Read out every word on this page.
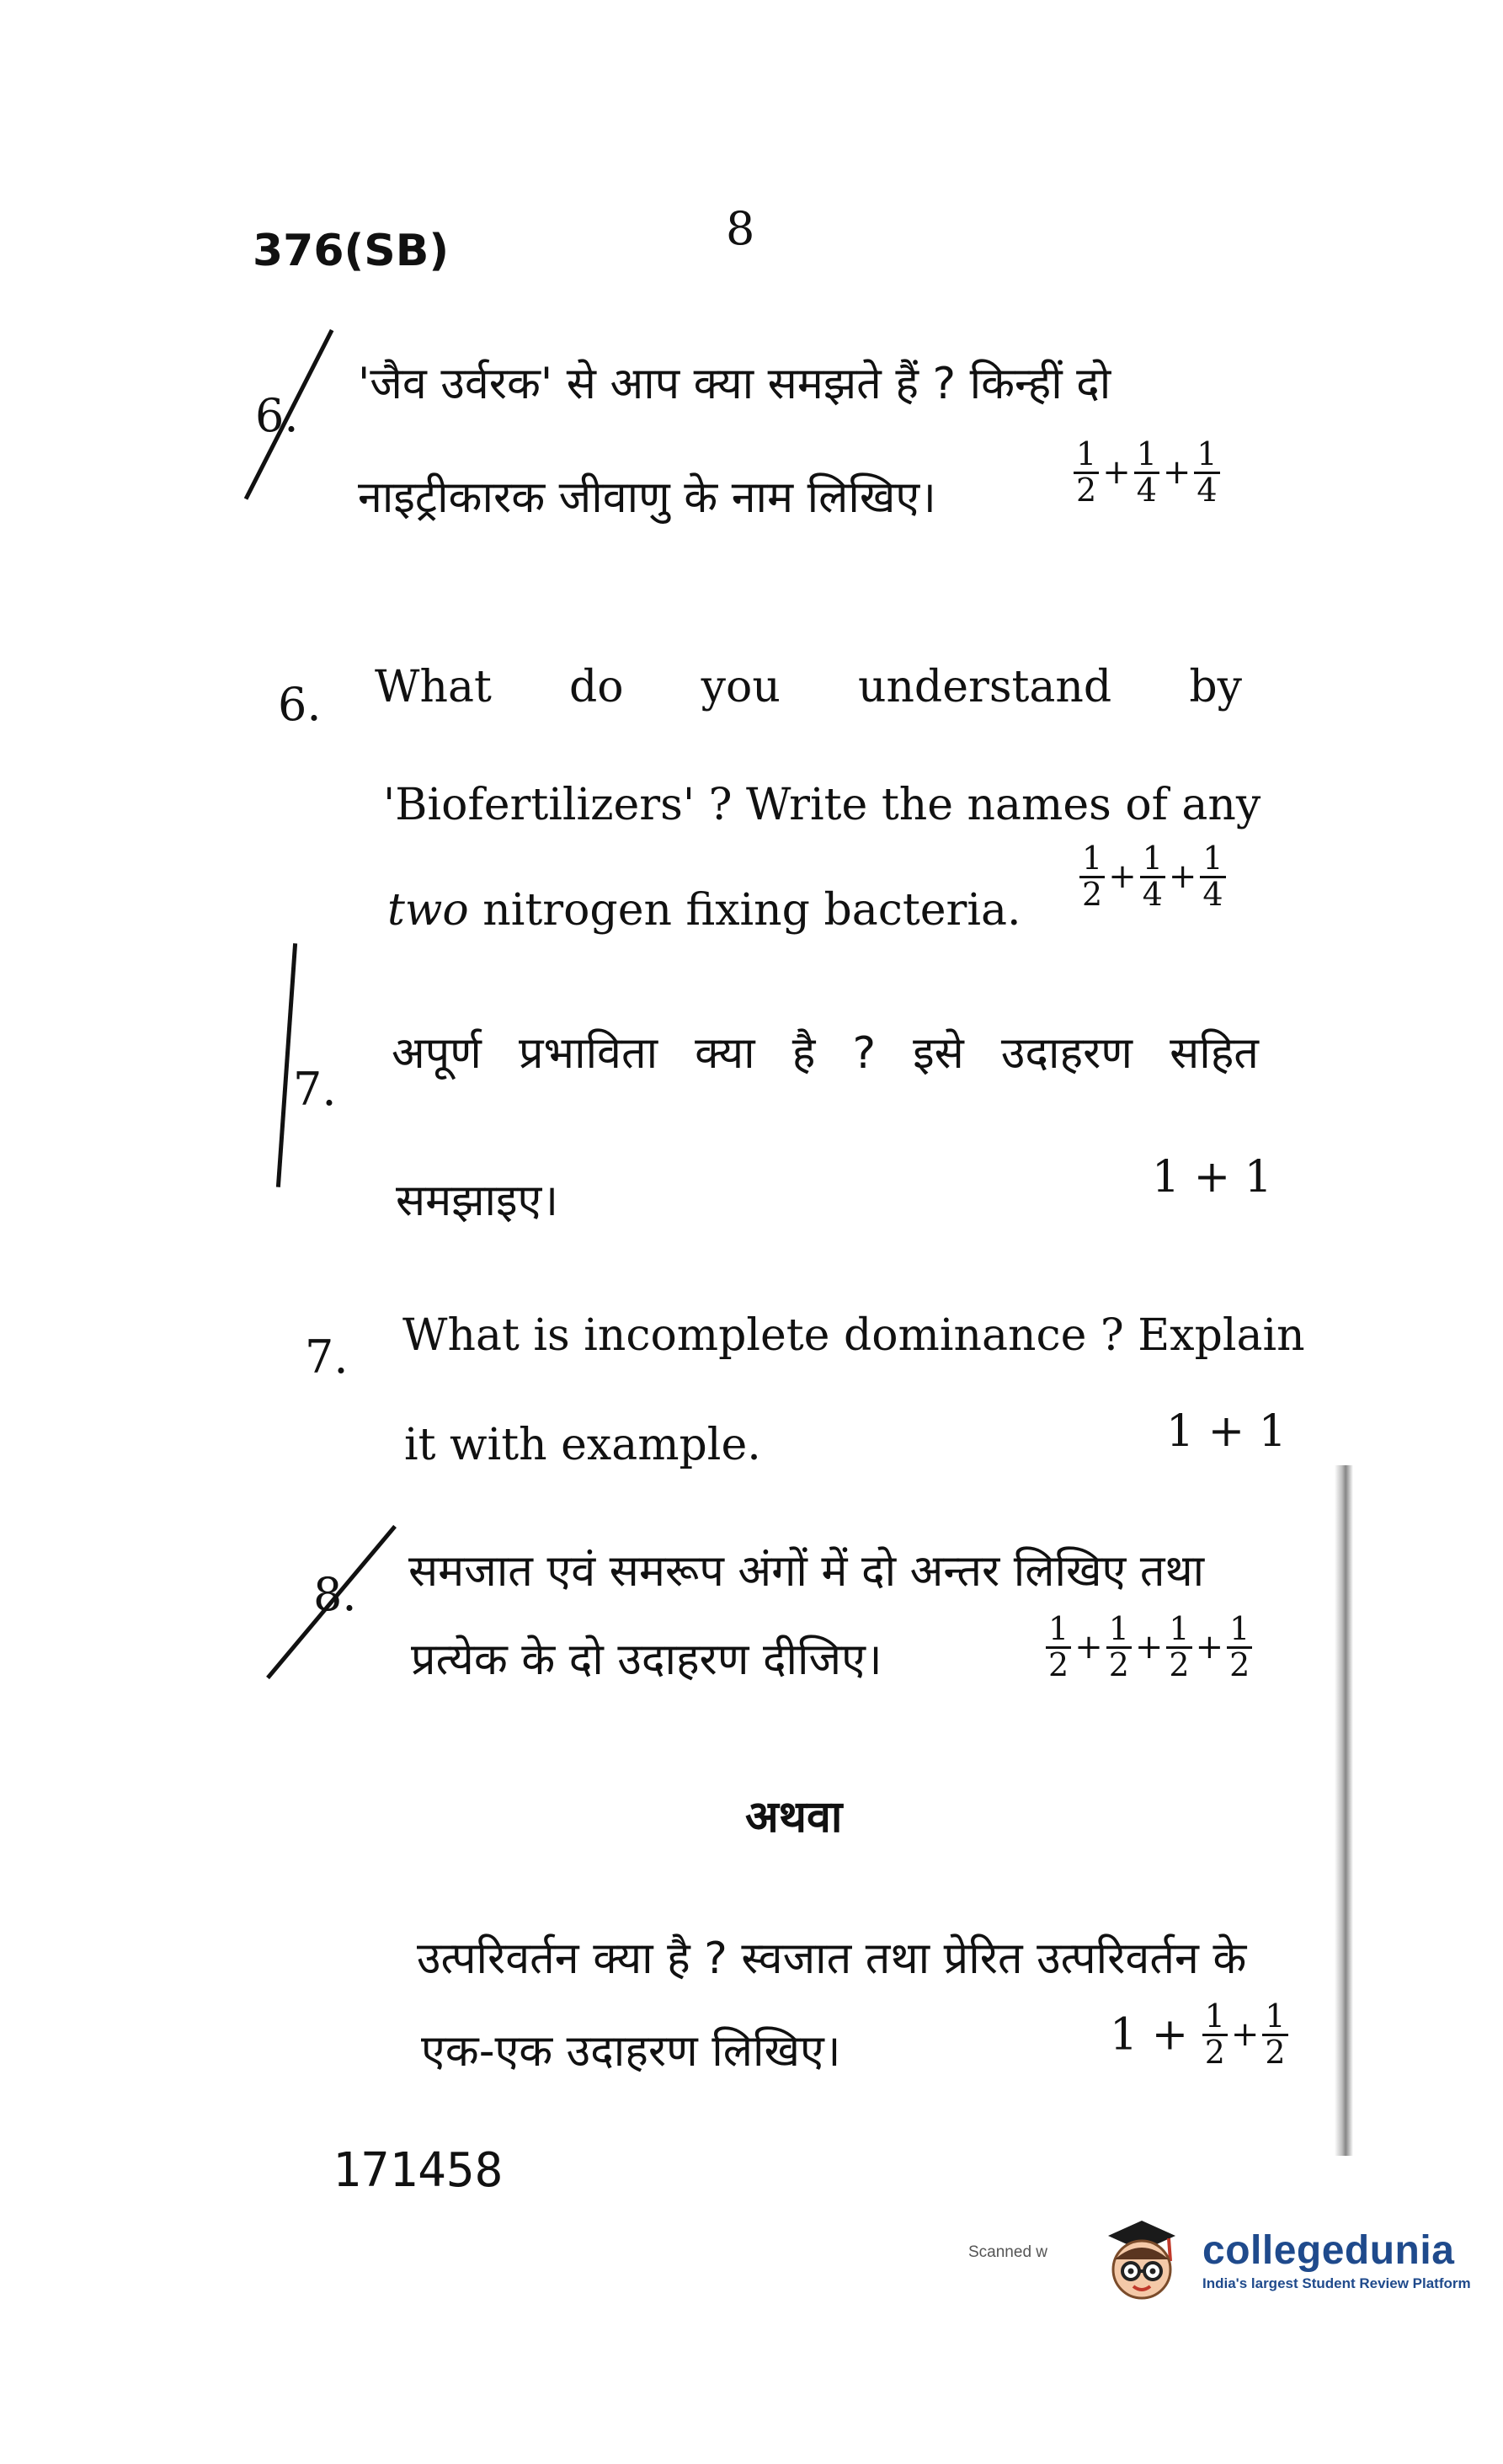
376(SB)	8
6.
'जैव उर्वरक' से आप क्या समझते हैं ? किन्हीं दो
नाइट्रीकारक जीवाणु के नाम लिखिए।	$\frac{1}{2} + \frac{1}{4} + \frac{1}{4}$
6. What do you understand by
'Biofertilizers' ? Write the names of any
two nitrogen fixing bacteria. $\frac{1}{2} + \frac{1}{4} + \frac{1}{4}$
7.
अपूर्ण प्रभाविता क्या है ? इसे उदाहरण सहित
समझाइए।	1 + 1
7. What is incomplete dominance ? Explain
it with example.	1 + 1
8. समजात एवं समरूप अंगों में दो अन्तर लिखिए तथा
प्रत्येक के दो उदाहरण दीजिए।	$\frac{1}{2} + \frac{1}{2} + \frac{1}{2} + \frac{1}{2}$
अथवा
उत्परिवर्तन क्या है ? स्वजात तथा प्रेरित उत्परिवर्तन के
एक-एक उदाहरण लिखिए।	$1 + \frac{1}{2} + \frac{1}{2}$
171458
Scanned w	collegedunia
India's largest Student Review Platform
